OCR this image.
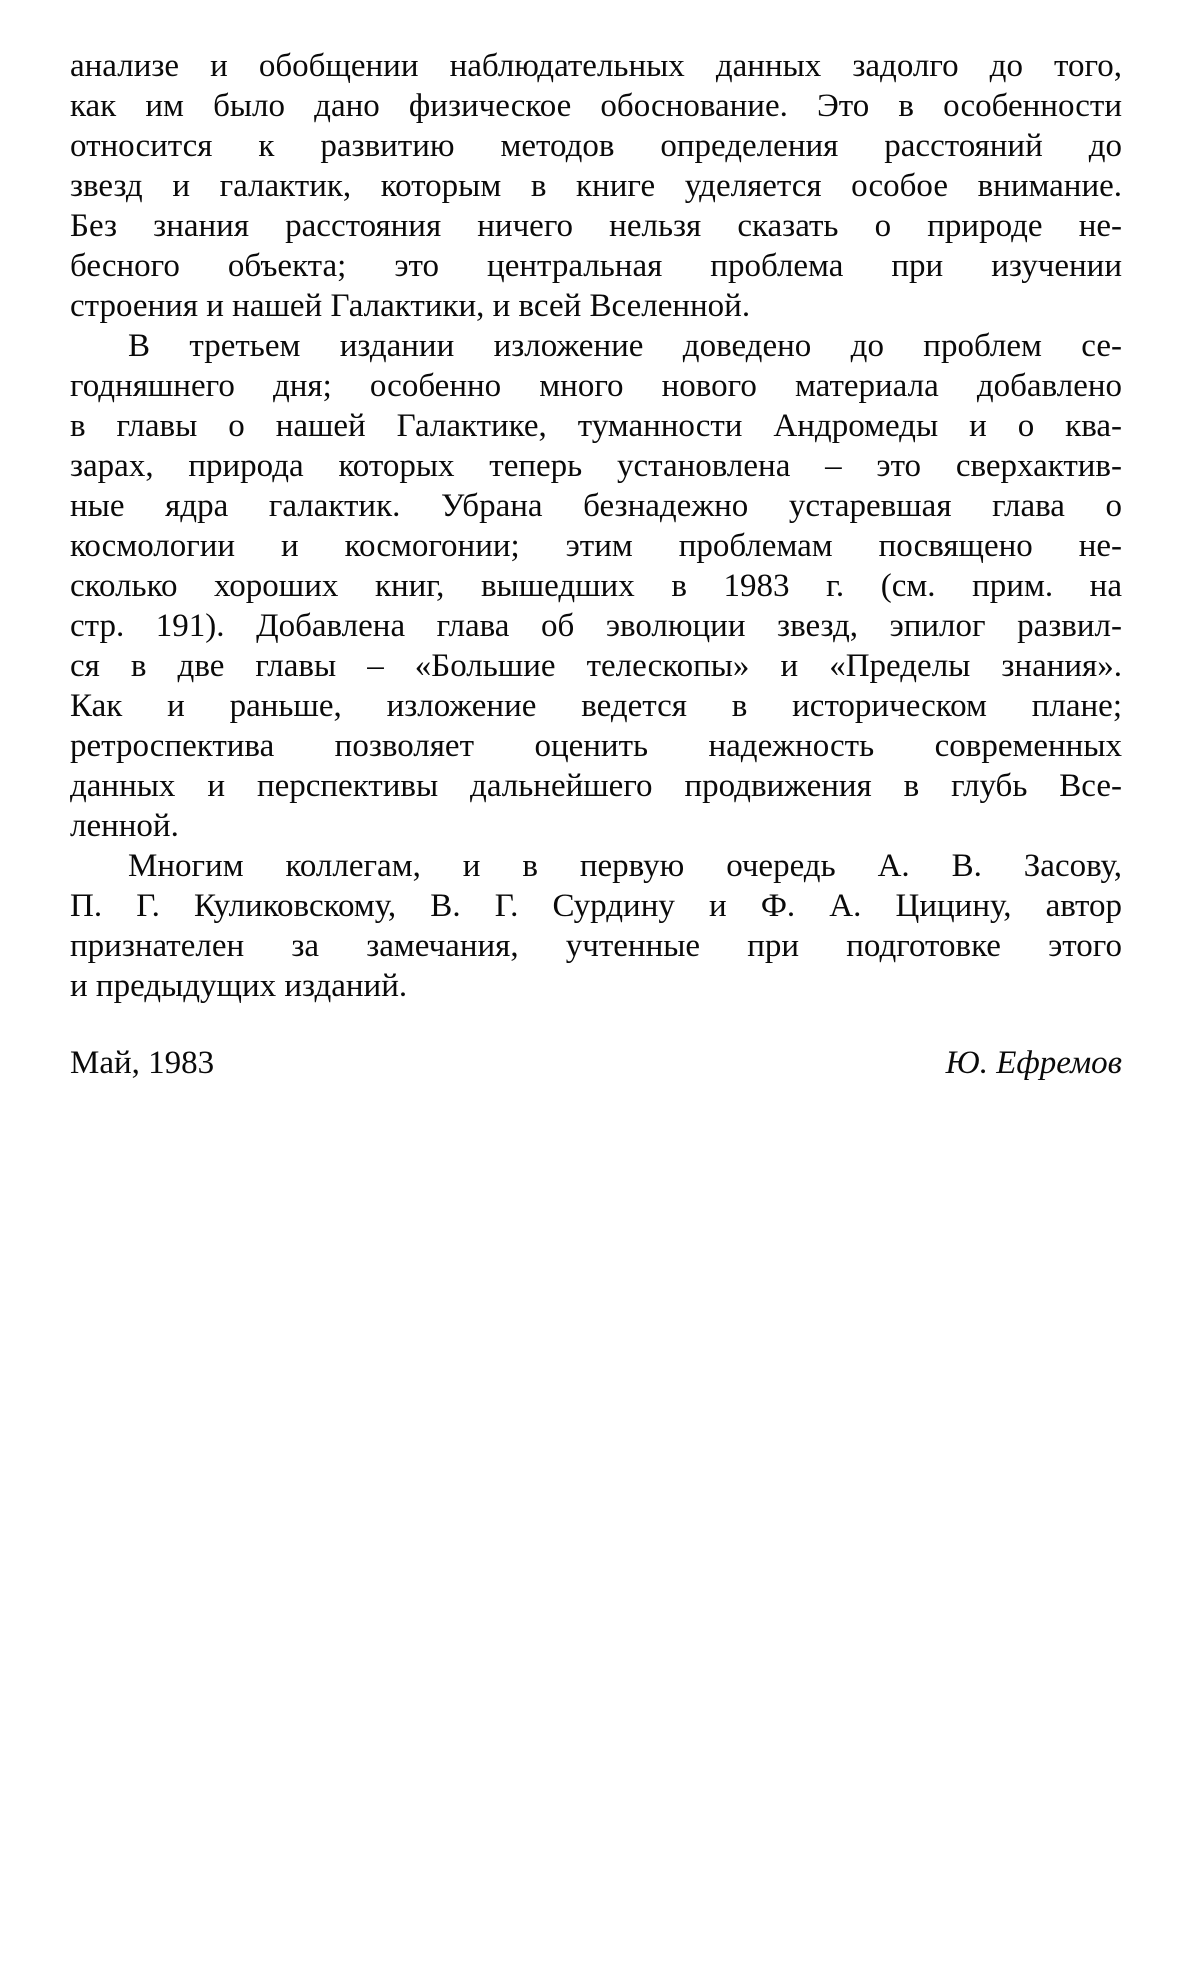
анализе и обобщении наблюдательных данных задолго до того,
как им было дано физическое обоснование. Это в особенности
относится к развитию методов определения расстояний до
звезд и галактик, которым в книге уделяется особое внимание.
Без знания расстояния ничего нельзя сказать о природе не-
бесного объекта; это центральная проблема при изучении
строения и нашей Галактики, и всей Вселенной.
В третьем издании изложение доведено до проблем се-
годняшнего дня; особенно много нового материала добавлено
в главы о нашей Галактике, туманности Андромеды и о ква-
зарах, природа которых теперь установлена – это сверхактив-
ные ядра галактик. Убрана безнадежно устаревшая глава о
космологии и космогонии; этим проблемам посвящено не-
сколько хороших книг, вышедших в 1983 г. (см. прим. на
стр. 191). Добавлена глава об эволюции звезд, эпилог развил-
ся в две главы – «Большие телескопы» и «Пределы знания».
Как и раньше, изложение ведется в историческом плане;
ретроспектива позволяет оценить надежность современных
данных и перспективы дальнейшего продвижения в глубь Все-
ленной.
Многим коллегам, и в первую очередь А. В. Засову,
П. Г. Куликовскому, В. Г. Сурдину и Ф. А. Цицину, автор
признателен за замечания, учтенные при подготовке этого
и предыдущих изданий.
Май, 1983	Ю. Ефремов
